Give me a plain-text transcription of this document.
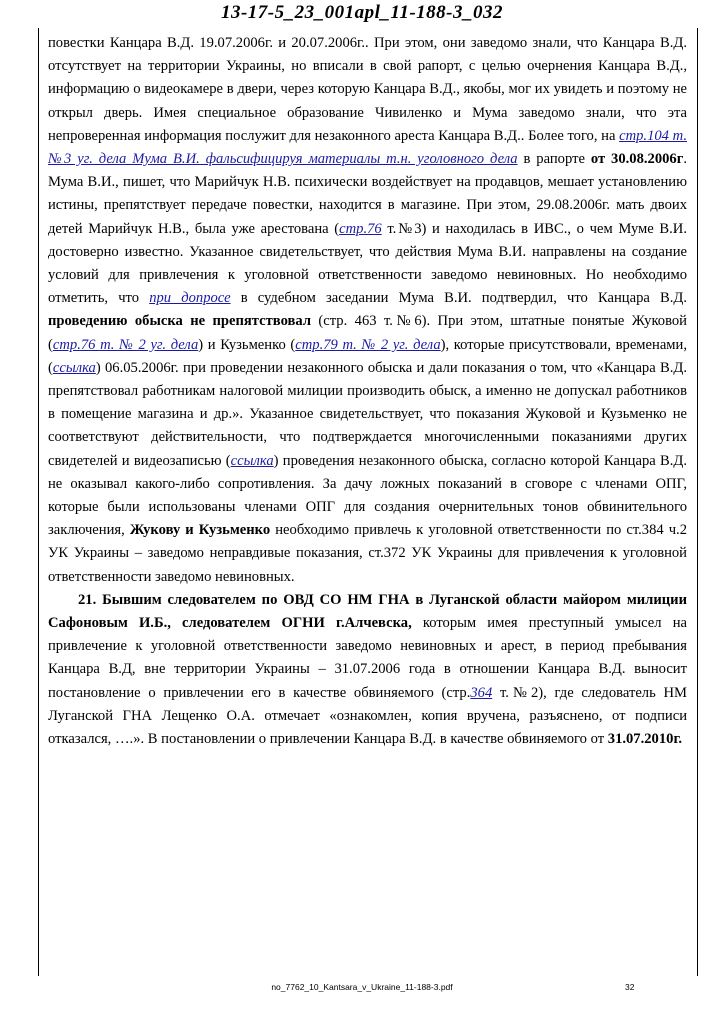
13-17-5_23_001apl_11-188-3_032

повестки Канцара В.Д. 19.07.2006г. и 20.07.2006г.. При этом, они заведомо знали, что Канцара В.Д. отсутствует на территории Украины, но вписали в свой рапорт, с целью очернения Канцара В.Д., информацию о видеокамере в двери, через которую Канцара В.Д., якобы, мог их увидеть и поэтому не открыл дверь. Имея специальное образование Чивиленко и Мума заведомо знали, что эта непроверенная информация послужит для незаконного ареста Канцара В.Д.. Более того, на стр.104 т.№3 уг. дела Мума В.И. фальсифицируя материалы т.н. уголовного дела в рапорте от 30.08.2006г. Мума В.И., пишет, что Марийчук Н.В. психически воздействует на продавцов, мешает установлению истины, препятствует передаче повестки, находится в магазине. При этом, 29.08.2006г. мать двоих детей Марийчук Н.В., была уже арестована (стр.76 т.№3) и находилась в ИВС., о чем Муме В.И. достоверно известно. Указанное свидетельствует, что действия Мума В.И. направлены на создание условий для привлечения к уголовной ответственности заведомо невиновных. Но необходимо отметить, что при допросе в судебном заседании Мума В.И. подтвердил, что Канцара В.Д. проведению обыска не препятствовал (стр. 463 т.№6). При этом, штатные понятые Жуковой (стр.76 т. № 2 уг. дела) и Кузьменко (стр.79 т. № 2 уг. дела), которые присутствовали, временами, (ссылка) 06.05.2006г. при проведении незаконного обыска и дали показания о том, что «Канцара В.Д. препятствовал работникам налоговой милиции производить обыск, а именно не допускал работников в помещение магазина и др.». Указанное свидетельствует, что показания Жуковой и Кузьменко не соответствуют действительности, что подтверждается многочисленными показаниями других свидетелей и видеозаписью (ссылка) проведения незаконного обыска, согласно которой Канцара В.Д. не оказывал какого-либо сопротивления. За дачу ложных показаний в сговоре с членами ОПГ, которые были использованы членами ОПГ для создания очернительных тонов обвинительного заключения, Жукову и Кузьменко необходимо привлечь к уголовной ответственности по ст.384 ч.2 УК Украины – заведомо неправдивые показания, ст.372 УК Украины для привлечения к уголовной ответственности заведомо невиновных.

21. Бывшим следователем по ОВД СО НМ ГНА в Луганской области майором милиции Сафоновым И.Б., следователем ОГНИ г.Алчевска, которым имея преступный умысел на привлечение к уголовной ответственности заведомо невиновных и арест, в период пребывания Канцара В.Д, вне территории Украины – 31.07.2006 года в отношении Канцара В.Д. выносит постановление о привлечении его в качестве обвиняемого (стр.364 т.№2), где следователь НМ Луганской ГНА Лещенко О.А. отмечает «ознакомлен, копия вручена, разъяснено, от подписи отказался, ….». В постановлении о привлечении Канцара В.Д. в качестве обвиняемого от 31.07.2010г.

no_7762_10_Kantsara_v_Ukraine_11-188-3.pdf	32
